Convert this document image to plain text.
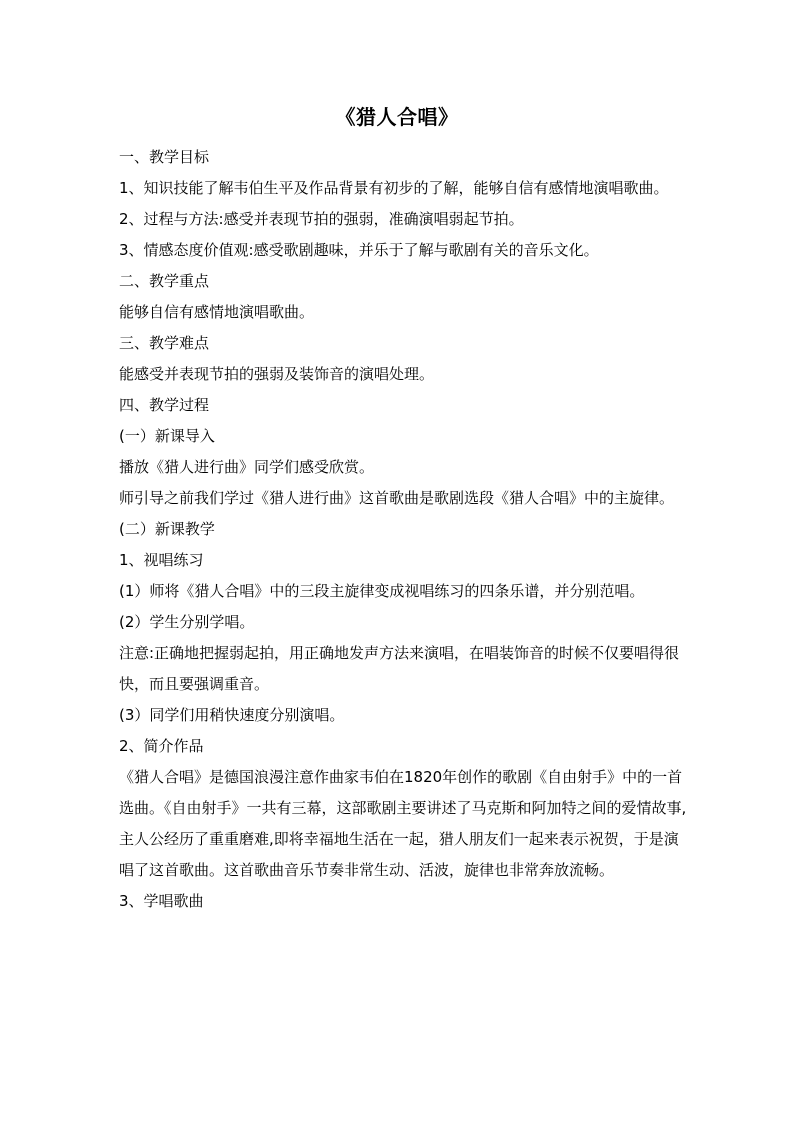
《猎人合唱》

一、教学目标

1、知识技能了解韦伯生平及作品背景有初步的了解，能够自信有感情地演唱歌曲。

2、过程与方法:感受并表现节拍的强弱，准确演唱弱起节拍。

3、情感态度价值观:感受歌剧趣味，并乐于了解与歌剧有关的音乐文化。

二、教学重点

能够自信有感情地演唱歌曲。

三、教学难点

能感受并表现节拍的强弱及装饰音的演唱处理。

四、教学过程

(一）新课导入

播放《猎人进行曲》同学们感受欣赏。

师引导之前我们学过《猎人进行曲》这首歌曲是歌剧选段《猎人合唱》中的主旋律。

(二）新课教学

1、视唱练习

(1）师将《猎人合唱》中的三段主旋律变成视唱练习的四条乐谱，并分别范唱。

(2）学生分别学唱。

注意:正确地把握弱起拍，用正确地发声方法来演唱，在唱装饰音的时候不仅要唱得很快，而且要强调重音。

(3）同学们用稍快速度分别演唱。

2、简介作品

《猎人合唱》是德国浪漫注意作曲家韦伯在1820年创作的歌剧《自由射手》中的一首选曲。《自由射手》一共有三幕，这部歌剧主要讲述了马克斯和阿加特之间的爱情故事,主人公经历了重重磨难,即将幸福地生活在一起，猎人朋友们一起来表示祝贺，于是演唱了这首歌曲。这首歌曲音乐节奏非常生动、活波，旋律也非常奔放流畅。

3、学唱歌曲
